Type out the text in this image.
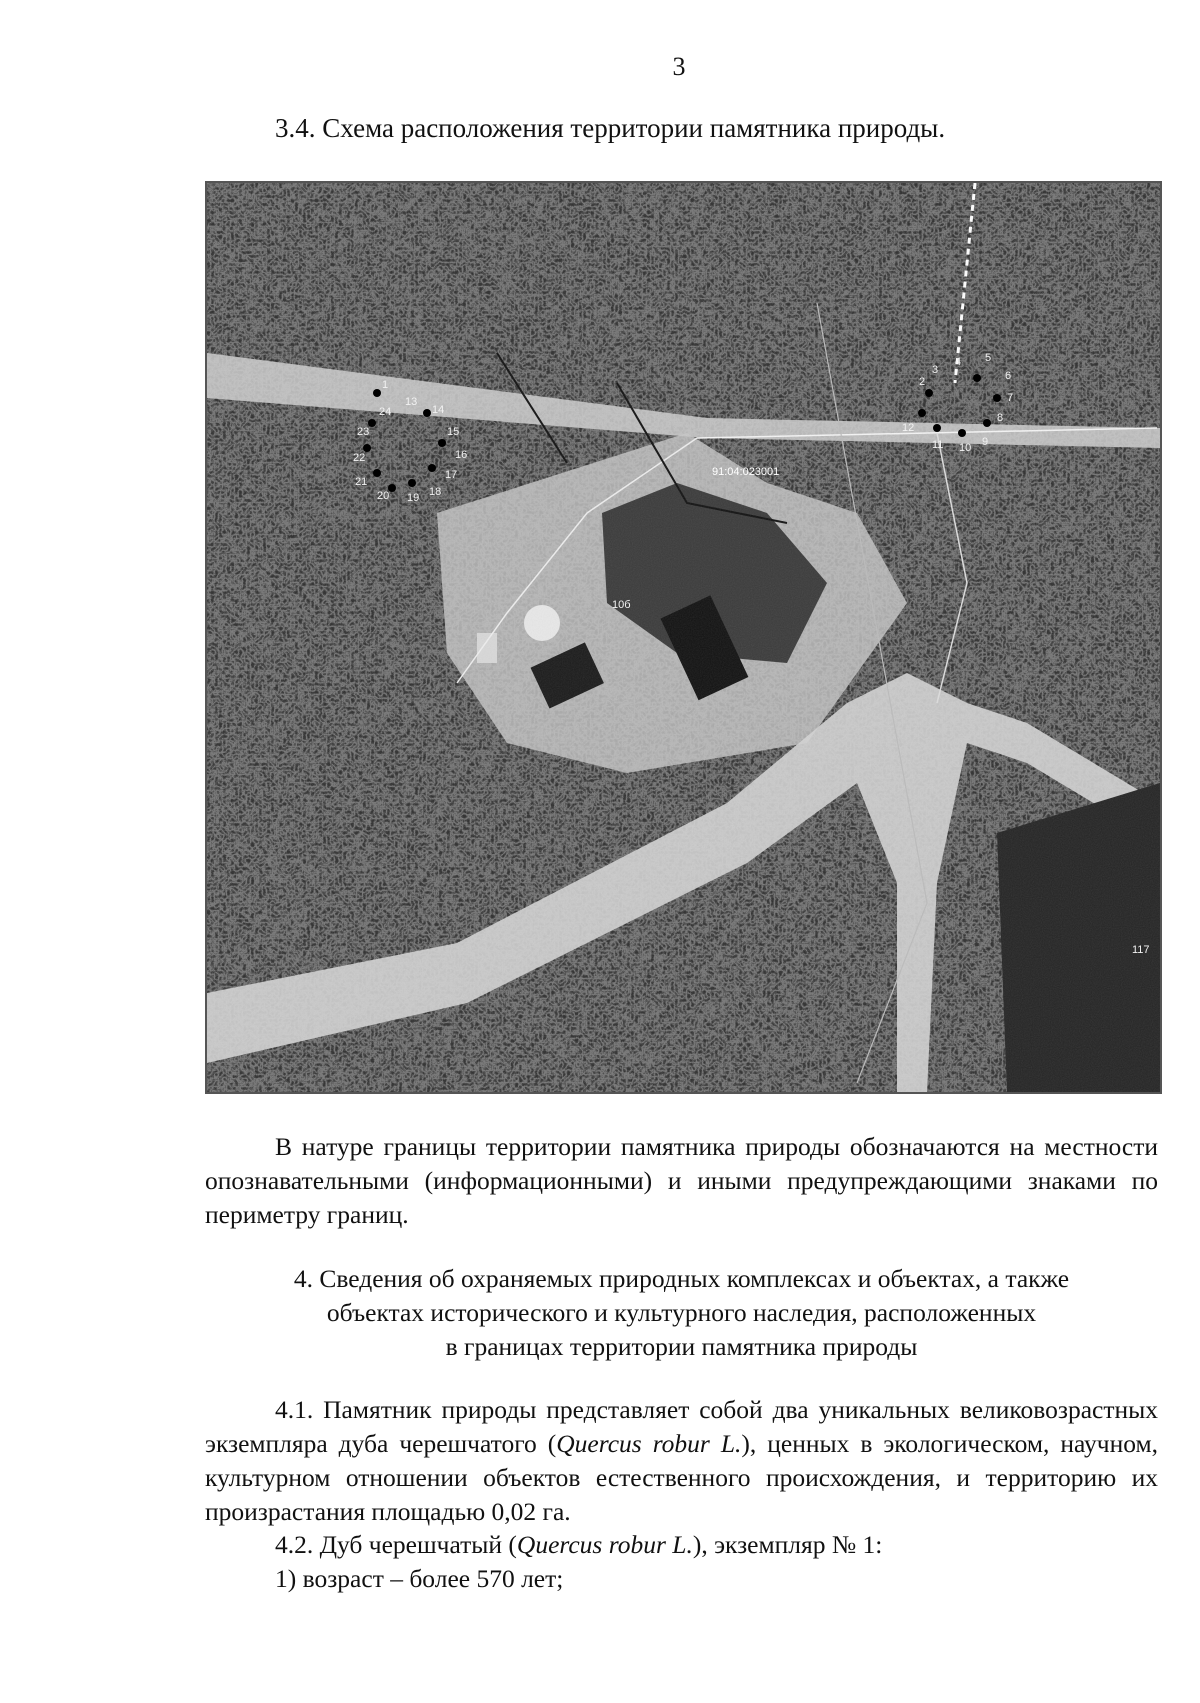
3
3.4. Схема расположения территории памятника природы.
1
24
13
14
23
22
15
16
17
21
20 19 18
2
3
4 5
6
7
8
9
10
11
12
91:04:023001
10б
117
В натуре границы территории памятника природы обозначаются на местности опознавательными (информационными) и иными предупреждающими знаками по периметру границ.
4. Сведения об охраняемых природных комплексах и объектах, а также
объектах исторического и культурного наследия, расположенных
в границах территории памятника природы
4.1. Памятник природы представляет собой два уникальных великовозрастных экземпляра дуба черешчатого (Quercus robur L.), ценных в экологическом, научном, культурном отношении объектов естественного происхождения, и территорию их произрастания площадью 0,02 га.
4.2. Дуб черешчатый (Quercus robur L.), экземпляр № 1:
1) возраст – более 570 лет;
